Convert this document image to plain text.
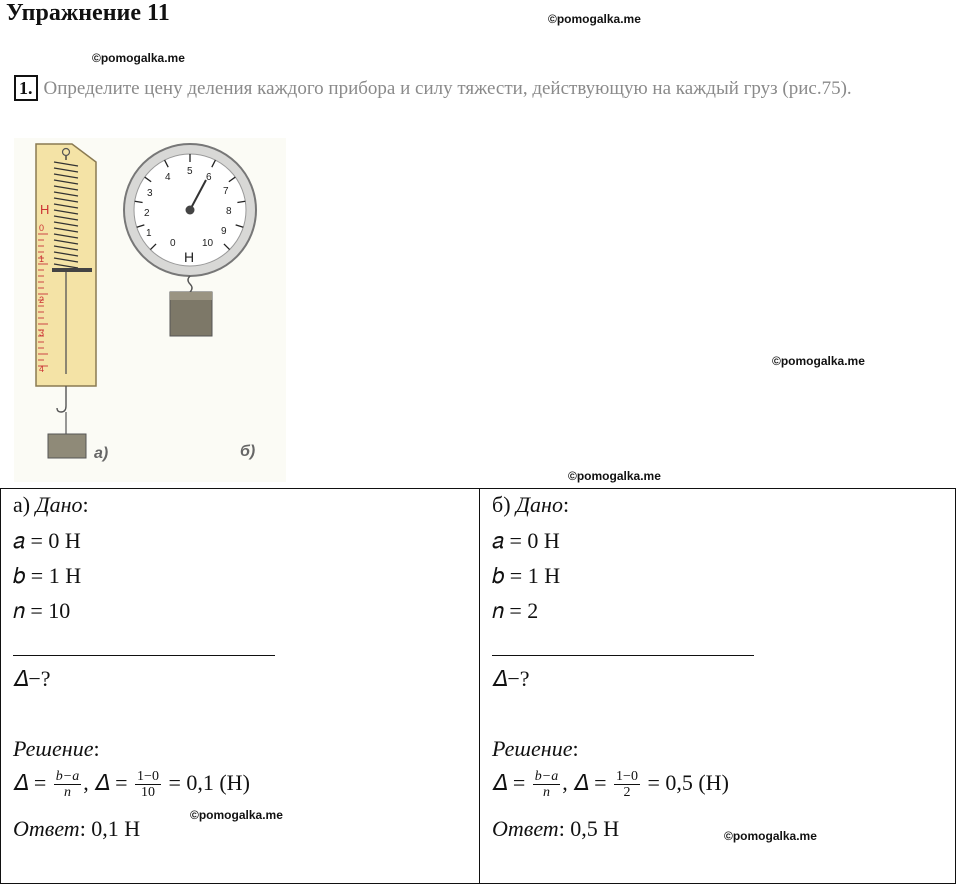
Упражнение 11	©pomogalka.me
©pomogalka.me
©pomogalka.me
©pomogalka.me
1. Определите цену деления каждого прибора и силу тяжести, действующую на каждый груз (рис.75).
Н
0
1
2
3
4
а)
0
1
2
3
4
5
6
7
8
9
10
Н
б)
а) Дано:
𝑎 = 0 Н
𝑏 = 1 Н
𝑛 = 10
𝛥−?
Решение:
𝛥 = $\frac{b-a}{n}$ , 𝛥 = $\frac{1-0}{10} = 0,1$ (Н)
Ответ: 0,1 Н
б) Дано:
𝑎 = 0 Н
𝑏 = 1 Н
𝑛 = 2
𝛥−?
Решение:
𝛥 = $\frac{b-a}{n}$ , 𝛥 = $\frac{1-0}{2} = 0,5$ (Н)
Ответ: 0,5 Н
©pomogalka.me
©pomogalka.me
